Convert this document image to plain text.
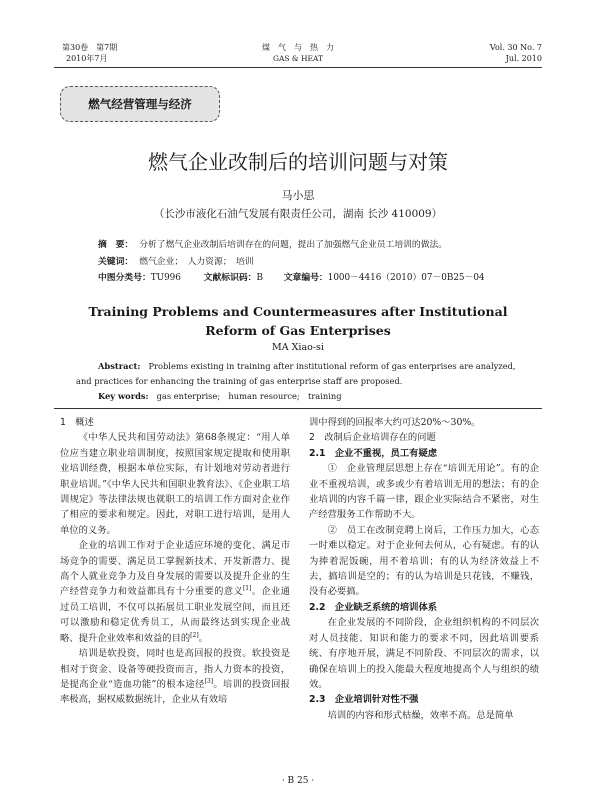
第30卷　第7期
2010年7月
煤　气　与　热　力
GAS & HEAT
Vol. 30 No. 7
Jul. 2010
燃气经营管理与经济
燃气企业改制后的培训问题与对策
马小思
（长沙市液化石油气发展有限责任公司，湖南 长沙 410009）
摘　要： 分析了燃气企业改制后培训存在的问题，提出了加强燃气企业员工培训的做法。
关键词： 燃气企业；　人力资源；　培训
中图分类号：TU996	文献标识码：B 文章编号：1000－4416（2010）07－0B25－04
Training Problems and Countermeasures after Institutional
Reform of Gas Enterprises
MA Xiao-si
Abstract: Problems existing in training after institutional reform of gas enterprises are analyzed,
and practices for enhancing the training of gas enterprise staff are proposed.
Key words: gas enterprise;　human resource;　training

1　概述

《中华人民共和国劳动法》第68条规定：“用人单位应当建立职业培训制度，按照国家规定提取和使用职业培训经费，根据本单位实际，有计划地对劳动者进行职业培训。”《中华人民共和国职业教育法》、《企业职工培训规定》等法律法规也就职工的培训工作方面对企业作了相应的要求和规定。因此，对职工进行培训，是用人单位的义务。

企业的培训工作对于企业适应环境的变化、满足市场竞争的需要、满足员工掌握新技术、开发新潜力、提高个人就业竞争力及自身发展的需要以及提升企业的生产经营竞争力和效益都具有十分重要的意义[1]。企业通过员工培训，不仅可以拓展员工职业发展空间，而且还可以激励和稳定优秀员工，从而最终达到实现企业战略、提升企业效率和效益的目的[2]。

培训是软投资，同时也是高回报的投资。软投资是相对于资金、设备等硬投资而言，指人力资本的投资，是提高企业“造血功能”的根本途径[3]。培训的投资回报率极高，据权威数据统计，企业从有效培

训中得到的回报率大约可达20%～30%。

2　改制后企业培训存在的问题

2.1　企业不重视，员工有疑虑

①　企业管理层思想上存在“培训无用论”。有的企业不重视培训，或多或少有着培训无用的想法；有的企业培训的内容千篇一律，跟企业实际结合不紧密，对生产经营服务工作帮助不大。

②　员工在改制竞聘上岗后，工作压力加大，心态一时难以稳定。对于企业何去何从，心有疑虑。有的认为捧着泥饭碗，用不着培训；有的认为经济效益上不去，搞培训是空的；有的认为培训是只花钱，不赚钱，没有必要搞。

2.2　企业缺乏系统的培训体系

在企业发展的不同阶段，企业组织机构的不同层次对人员技能、知识和能力的要求不同，因此培训要系统、有序地开展，满足不同阶段、不同层次的需求，以确保在培训上的投入能最大程度地提高个人与组织的绩效。

2.3　企业培训针对性不强

培训的内容和形式枯燥，效率不高。总是简单

· B 25 ·
